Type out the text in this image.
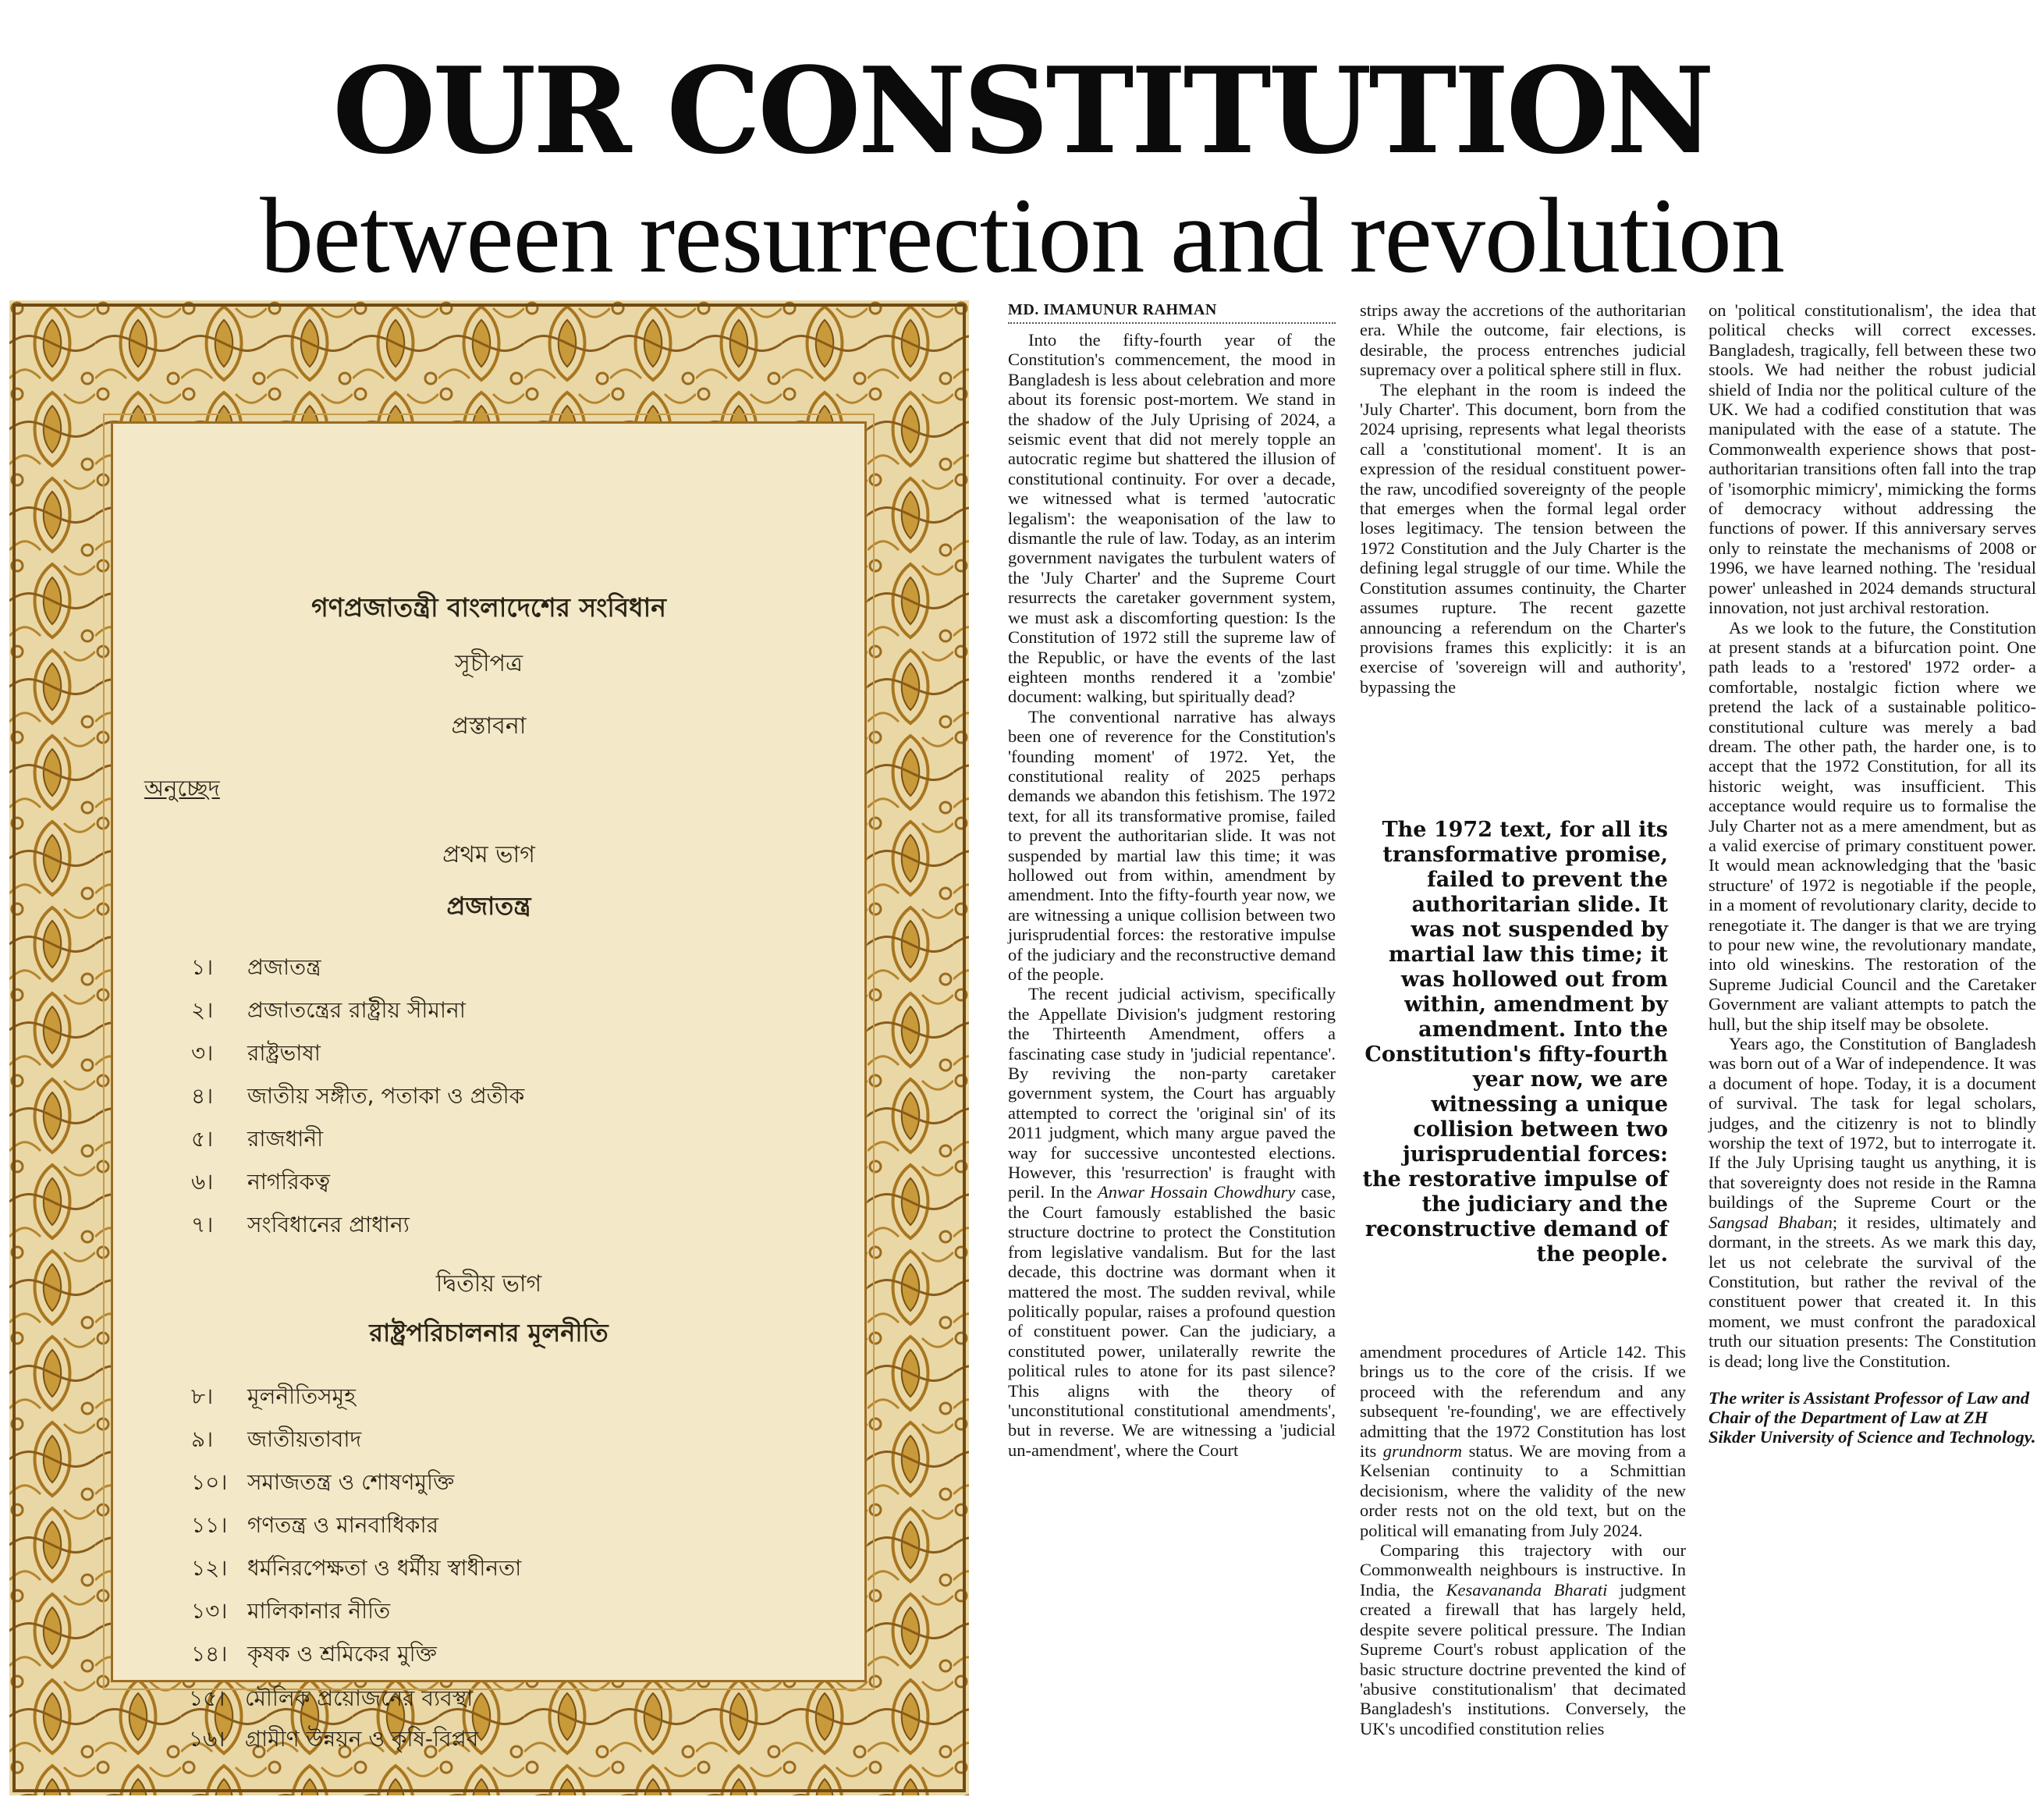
OUR CONSTITUTION
between resurrection and revolution
গণপ্রজাতন্ত্রী বাংলাদেশের সংবিধান
সূচীপত্র
প্রস্তাবনা
অনুচ্ছেদ
প্রথম ভাগ
প্রজাতন্ত্র
১। প্রজাতন্ত্র
২। প্রজাতন্ত্রের রাষ্ট্রীয় সীমানা
৩। রাষ্ট্রভাষা
৪। জাতীয় সঙ্গীত, পতাকা ও প্রতীক
৫। রাজধানী
৬। নাগরিকত্ব
৭। সংবিধানের প্রাধান্য
দ্বিতীয় ভাগ
রাষ্ট্রপরিচালনার মূলনীতি
৮। মূলনীতিসমূহ
৯। জাতীয়তাবাদ
১০। সমাজতন্ত্র ও শোষণমুক্তি
১১। গণতন্ত্র ও মানবাধিকার
১২। ধর্মনিরপেক্ষতা ও ধর্মীয় স্বাধীনতা
১৩। মালিকানার নীতি
১৪। কৃষক ও শ্রমিকের মুক্তি
১৫। মৌলিক প্রয়োজনের ব্যবস্থা
১৬। গ্রামীণ উন্নয়ন ও কৃষি-বিপ্লব
MD. IMAMUNUR RAHMAN

Into the fifty-fourth year of the Constitution's commencement, the mood in Bangladesh is less about celebration and more about its forensic post-mortem. We stand in the shadow of the July Uprising of 2024, a seismic event that did not merely topple an autocratic regime but shattered the illusion of constitutional continuity. For over a decade, we witnessed what is termed 'autocratic legalism': the weaponisation of the law to dismantle the rule of law. Today, as an interim government navigates the turbulent waters of the 'July Charter' and the Supreme Court resurrects the caretaker government system, we must ask a discomforting question: Is the Constitution of 1972 still the supreme law of the Republic, or have the events of the last eighteen months rendered it a 'zombie' document: walking, but spiritually dead?

The conventional narrative has always been one of reverence for the Constitution's 'founding moment' of 1972. Yet, the constitutional reality of 2025 perhaps demands we abandon this fetishism. The 1972 text, for all its transformative promise, failed to prevent the authoritarian slide. It was not suspended by martial law this time; it was hollowed out from within, amendment by amendment. Into the fifty-fourth year now, we are witnessing a unique collision between two jurisprudential forces: the restorative impulse of the judiciary and the reconstructive demand of the people.

The recent judicial activism, specifically the Appellate Division's judgment restoring the Thirteenth Amendment, offers a fascinating case study in 'judicial repentance'. By reviving the non-party caretaker government system, the Court has arguably attempted to correct the 'original sin' of its 2011 judgment, which many argue paved the way for successive uncontested elections. However, this 'resurrection' is fraught with peril. In the Anwar Hossain Chowdhury case, the Court famously established the basic structure doctrine to protect the Constitution from legislative vandalism. But for the last decade, this doctrine was dormant when it mattered the most. The sudden revival, while politically popular, raises a profound question of constituent power. Can the judiciary, a constituted power, unilaterally rewrite the political rules to atone for its past silence? This aligns with the theory of 'unconstitutional constitutional amendments', but in reverse. We are witnessing a 'judicial un-amendment', where the Court

strips away the accretions of the authoritarian era. While the outcome, fair elections, is desirable, the process entrenches judicial supremacy over a political sphere still in flux.

The elephant in the room is indeed the 'July Charter'. This document, born from the 2024 uprising, represents what legal theorists call a 'constitutional moment'. It is an expression of the residual constituent power- the raw, uncodified sovereignty of the people that emerges when the formal legal order loses legitimacy. The tension between the 1972 Constitution and the July Charter is the defining legal struggle of our time. While the Constitution assumes continuity, the Charter assumes rupture. The recent gazette announcing a referendum on the Charter's provisions frames this explicitly: it is an exercise of 'sovereign will and authority', bypassing the

The 1972 text, for all its transformative promise, failed to prevent the authoritarian slide. It was not suspended by martial law this time; it was hollowed out from within, amendment by amendment. Into the Constitution's fifty-fourth year now, we are witnessing a unique collision between two jurisprudential forces: the restorative impulse of the judiciary and the reconstructive demand of the people.

amendment procedures of Article 142. This brings us to the core of the crisis. If we proceed with the referendum and any subsequent 're-founding', we are effectively admitting that the 1972 Constitution has lost its grundnorm status. We are moving from a Kelsenian continuity to a Schmittian decisionism, where the validity of the new order rests not on the old text, but on the political will emanating from July 2024.

Comparing this trajectory with our Commonwealth neighbours is instructive. In India, the Kesavananda Bharati judgment created a firewall that has largely held, despite severe political pressure. The Indian Supreme Court's robust application of the basic structure doctrine prevented the kind of 'abusive constitutionalism' that decimated Bangladesh's institutions. Conversely, the UK's uncodified constitution relies

on 'political constitutionalism', the idea that political checks will correct excesses. Bangladesh, tragically, fell between these two stools. We had neither the robust judicial shield of India nor the political culture of the UK. We had a codified constitution that was manipulated with the ease of a statute. The Commonwealth experience shows that post-authoritarian transitions often fall into the trap of 'isomorphic mimicry', mimicking the forms of democracy without addressing the functions of power. If this anniversary serves only to reinstate the mechanisms of 2008 or 1996, we have learned nothing. The 'residual power' unleashed in 2024 demands structural innovation, not just archival restoration.

As we look to the future, the Constitution at present stands at a bifurcation point. One path leads to a 'restored' 1972 order- a comfortable, nostalgic fiction where we pretend the lack of a sustainable politico-constitutional culture was merely a bad dream. The other path, the harder one, is to accept that the 1972 Constitution, for all its historic weight, was insufficient. This acceptance would require us to formalise the July Charter not as a mere amendment, but as a valid exercise of primary constituent power. It would mean acknowledging that the 'basic structure' of 1972 is negotiable if the people, in a moment of revolutionary clarity, decide to renegotiate it. The danger is that we are trying to pour new wine, the revolutionary mandate, into old wineskins. The restoration of the Supreme Judicial Council and the Caretaker Government are valiant attempts to patch the hull, but the ship itself may be obsolete.

Years ago, the Constitution of Bangladesh was born out of a War of independence. It was a document of hope. Today, it is a document of survival. The task for legal scholars, judges, and the citizenry is not to blindly worship the text of 1972, but to interrogate it. If the July Uprising taught us anything, it is that sovereignty does not reside in the Ramna buildings of the Supreme Court or the Sangsad Bhaban; it resides, ultimately and dormant, in the streets. As we mark this day, let us not celebrate the survival of the Constitution, but rather the revival of the constituent power that created it. In this moment, we must confront the paradoxical truth our situation presents: The Constitution is dead; long live the Constitution.

The writer is Assistant Professor of Law and Chair of the Department of Law at ZH Sikder University of Science and Technology.
